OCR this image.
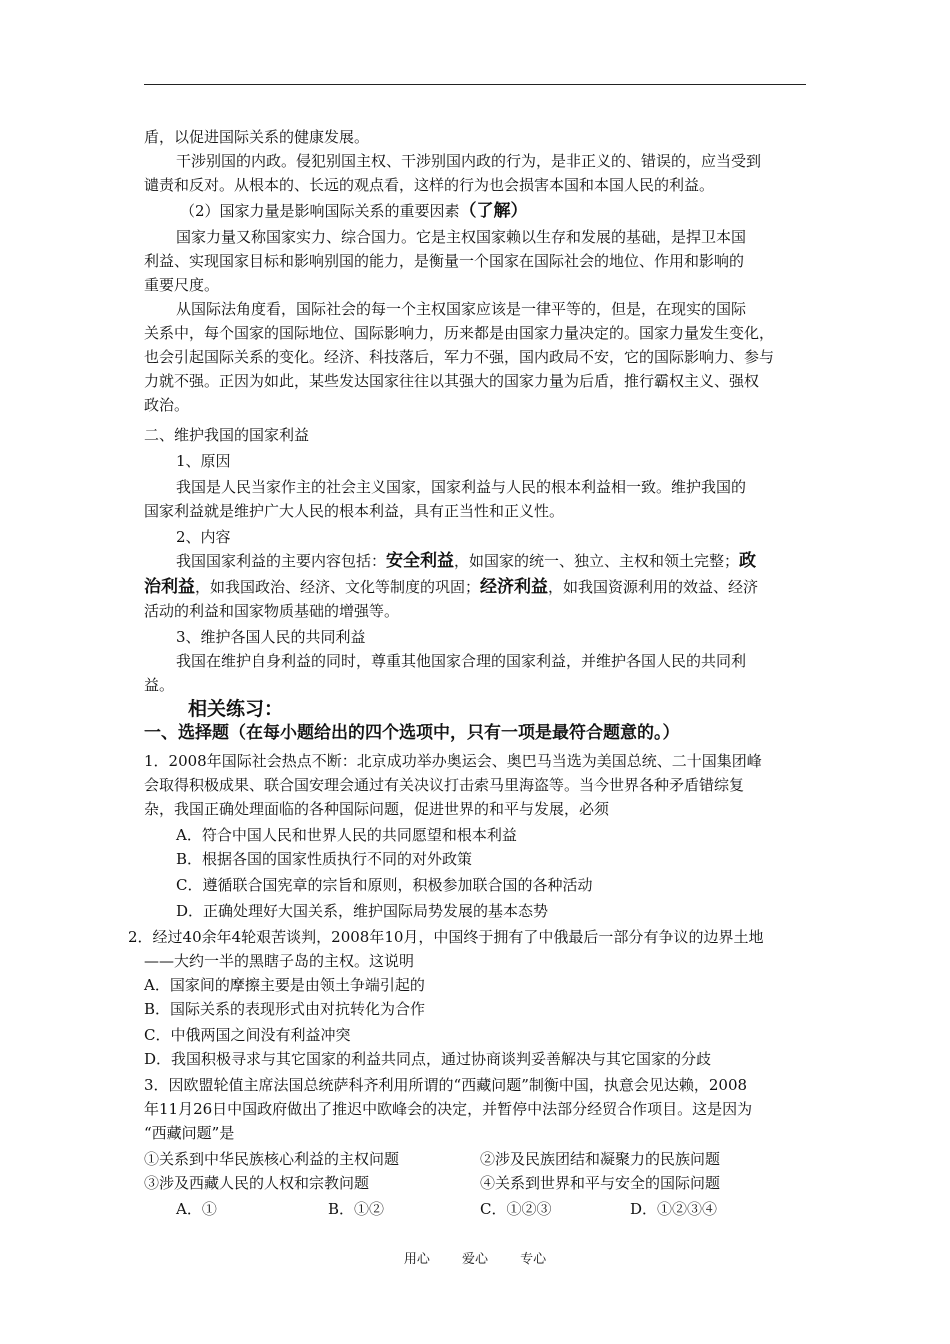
盾，以促进国际关系的健康发展。
干涉别国的内政。侵犯别国主权、干涉别国内政的行为，是非正义的、错误的，应当受到
谴责和反对。从根本的、长远的观点看，这样的行为也会损害本国和本国人民的利益。
（2）国家力量是影响国际关系的重要因素（了解）
国家力量又称国家实力、综合国力。它是主权国家赖以生存和发展的基础，是捍卫本国
利益、实现国家目标和影响别国的能力，是衡量一个国家在国际社会的地位、作用和影响的
重要尺度。
从国际法角度看，国际社会的每一个主权国家应该是一律平等的，但是，在现实的国际
关系中，每个国家的国际地位、国际影响力，历来都是由国家力量决定的。国家力量发生变化，
也会引起国际关系的变化。经济、科技落后，军力不强，国内政局不安，它的国际影响力、参与
力就不强。正因为如此，某些发达国家往往以其强大的国家力量为后盾，推行霸权主义、强权
政治。
二、维护我国的国家利益
1、原因
我国是人民当家作主的社会主义国家，国家利益与人民的根本利益相一致。维护我国的
国家利益就是维护广大人民的根本利益，具有正当性和正义性。
2、内容
我国国家利益的主要内容包括：安全利益，如国家的统一、独立、主权和领土完整；政
治利益，如我国政治、经济、文化等制度的巩固；经济利益，如我国资源利用的效益、经济
活动的利益和国家物质基础的增强等。
3、维护各国人民的共同利益
我国在维护自身利益的同时，尊重其他国家合理的国家利益，并维护各国人民的共同利
益。
相关练习：
一、选择题（在每小题给出的四个选项中，只有一项是最符合题意的。）
1．2008年国际社会热点不断：北京成功举办奥运会、奥巴马当选为美国总统、二十国集团峰
会取得积极成果、联合国安理会通过有关决议打击索马里海盗等。当今世界各种矛盾错综复
杂，我国正确处理面临的各种国际问题，促进世界的和平与发展，必须
A．符合中国人民和世界人民的共同愿望和根本利益
B．根据各国的国家性质执行不同的对外政策
C．遵循联合国宪章的宗旨和原则，积极参加联合国的各种活动
D．正确处理好大国关系，维护国际局势发展的基本态势
2．经过40余年4轮艰苦谈判，2008年10月，中国终于拥有了中俄最后一部分有争议的边界土地
——大约一半的黑瞎子岛的主权。这说明
A．国家间的摩擦主要是由领土争端引起的
B．国际关系的表现形式由对抗转化为合作
C．中俄两国之间没有利益冲突
D．我国积极寻求与其它国家的利益共同点，通过协商谈判妥善解决与其它国家的分歧
3．因欧盟轮值主席法国总统萨科齐利用所谓的“西藏问题”制衡中国，执意会见达赖，2008
年11月26日中国政府做出了推迟中欧峰会的决定，并暂停中法部分经贸合作项目。这是因为
“西藏问题”是
①关系到中华民族核心利益的主权问题	②涉及民族团结和凝聚力的民族问题
③涉及西藏人民的人权和宗教问题	④关系到世界和平与安全的国际问题
A．①	B．①②	C．①②③	D．①②③④
用心 爱心 专心
